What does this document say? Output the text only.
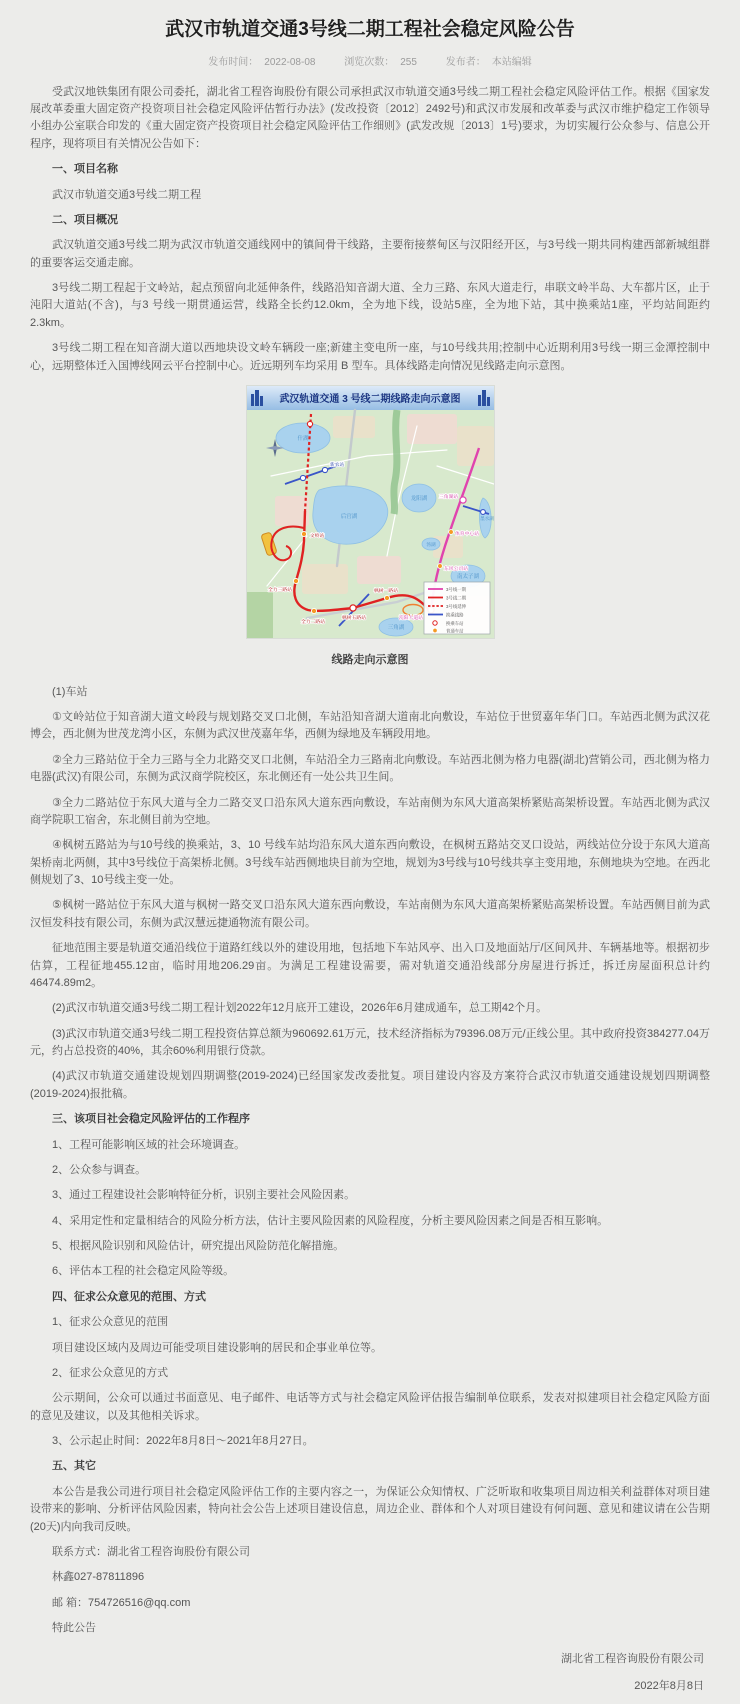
武汉市轨道交通3号线二期工程社会稳定风险公告
发布时间： 2022-08-08	浏览次数： 255	发布者： 本站编辑

受武汉地铁集团有限公司委托，湖北省工程咨询股份有限公司承担武汉市轨道交通3号线二期工程社会稳定风险评估工作。根据《国家发展改革委重大固定资产投资项目社会稳定风险评估暂行办法》(发改投资〔2012〕2492号)和武汉市发展和改革委与武汉市维护稳定工作领导小组办公室联合印发的《重大固定资产投资项目社会稳定风险评估工作细则》(武发改规〔2013〕1号)要求，为切实履行公众参与、信息公开程序，现将项目有关情况公告如下：

一、项目名称

武汉市轨道交通3号线二期工程

二、项目概况

武汉轨道交通3号线二期为武汉市轨道交通线网中的镇间骨干线路，主要衔接蔡甸区与汉阳经开区，与3号线一期共同构建西部新城组群的重要客运交通走廊。

3号线二期工程起于文岭站，起点预留向北延伸条件，线路沿知音湖大道、全力三路、东风大道走行，串联文岭半岛、大车都片区，止于沌阳大道站(不含)，与3 号线一期贯通运营，线路全长约12.0km，全为地下线，设站5座，全为地下站，其中换乘站1座，平均站间距约2.3km。

3号线二期工程在知音湖大道以西地块设文岭车辆段一座;新建主变电所一座，与10号线共用;控制中心近期利用3号线一期三金潭控制中心，远期整体迁入国博线网云平台控制中心。近远期列车均采用 B 型车。具体线路走向情况见线路走向示意图。

武汉轨道交通 3 号线二期线路走向示意图
什湖
后官湖
龙阳湖
墨水湖
南太子湖
汤湖
三角湖
文岭站
全力三路站
全力二路站
枫树五路站
枫树一路站
沌阳大道站
东风公司站
体育中心站
三角湖站
新农站
3号线一期
3号线二期
3号线延伸
换乘线路
换乘车站
普通车站
线路走向示意图

(1)车站

①文岭站位于知音湖大道文岭段与规划路交叉口北侧，车站沿知音湖大道南北向敷设，车站位于世贸嘉年华门口。车站西北侧为武汉花博会，西北侧为世茂龙湾小区，东侧为武汉世茂嘉年华，西侧为绿地及车辆段用地。

②全力三路站位于全力三路与全力北路交叉口北侧，车站沿全力三路南北向敷设。车站西北侧为格力电器(湖北)营销公司，西北侧为格力电器(武汉)有限公司，东侧为武汉商学院校区，东北侧还有一处公共卫生间。

③全力二路站位于东风大道与全力二路交叉口沿东风大道东西向敷设，车站南侧为东风大道高架桥紧贴高架桥设置。车站西北侧为武汉商学院职工宿舍，东北侧目前为空地。

④枫树五路站为与10号线的换乘站，3、10 号线车站均沿东风大道东西向敷设，在枫树五路站交叉口设站，两线站位分设于东风大道高架桥南北两侧，其中3号线位于高架桥北侧。3号线车站西侧地块目前为空地，规划为3号线与10号线共享主变用地，东侧地块为空地。在西北侧规划了3、10号线主变一处。

⑤枫树一路站位于东风大道与枫树一路交叉口沿东风大道东西向敷设，车站南侧为东风大道高架桥紧贴高架桥设置。车站西侧目前为武汉恒发科技有限公司，东侧为武汉慧远捷通物流有限公司。

征地范围主要是轨道交通沿线位于道路红线以外的建设用地，包括地下车站风亭、出入口及地面站厅/区间风井、车辆基地等。根据初步估算，工程征地455.12亩，临时用地206.29亩。为满足工程建设需要，需对轨道交通沿线部分房屋进行拆迁，拆迁房屋面积总计约46474.89m2。

(2)武汉市轨道交通3号线二期工程计划2022年12月底开工建设，2026年6月建成通车，总工期42个月。

(3)武汉市轨道交通3号线二期工程投资估算总额为960692.61万元，技术经济指标为79396.08万元/正线公里。其中政府投资384277.04万元，约占总投资的40%，其余60%利用银行贷款。

(4)武汉市轨道交通建设规划四期调整(2019-2024)已经国家发改委批复。项目建设内容及方案符合武汉市轨道交通建设规划四期调整(2019-2024)报批稿。

三、该项目社会稳定风险评估的工作程序

1、工程可能影响区域的社会环境调查。

2、公众参与调查。

3、通过工程建设社会影响特征分析，识别主要社会风险因素。

4、采用定性和定量相结合的风险分析方法，估计主要风险因素的风险程度，分析主要风险因素之间是否相互影响。

5、根据风险识别和风险估计，研究提出风险防范化解措施。

6、评估本工程的社会稳定风险等级。

四、征求公众意见的范围、方式

1、征求公众意见的范围

项目建设区域内及周边可能受项目建设影响的居民和企事业单位等。

2、征求公众意见的方式

公示期间，公众可以通过书面意见、电子邮件、电话等方式与社会稳定风险评估报告编制单位联系，发表对拟建项目社会稳定风险方面的意见及建议，以及其他相关诉求。

3、公示起止时间：2022年8月8日～2021年8月27日。

五、其它

本公告是我公司进行项目社会稳定风险评估工作的主要内容之一，为保证公众知情权、广泛听取和收集项目周边相关利益群体对项目建设带来的影响、分析评估风险因素，特向社会公告上述项目建设信息，周边企业、群体和个人对项目建设有何问题、意见和建议请在公告期(20天)内向我司反映。

联系方式：湖北省工程咨询股份有限公司

林鑫027-87811896

邮 箱：754726516@qq.com

特此公告

湖北省工程咨询股份有限公司
2022年8月8日
